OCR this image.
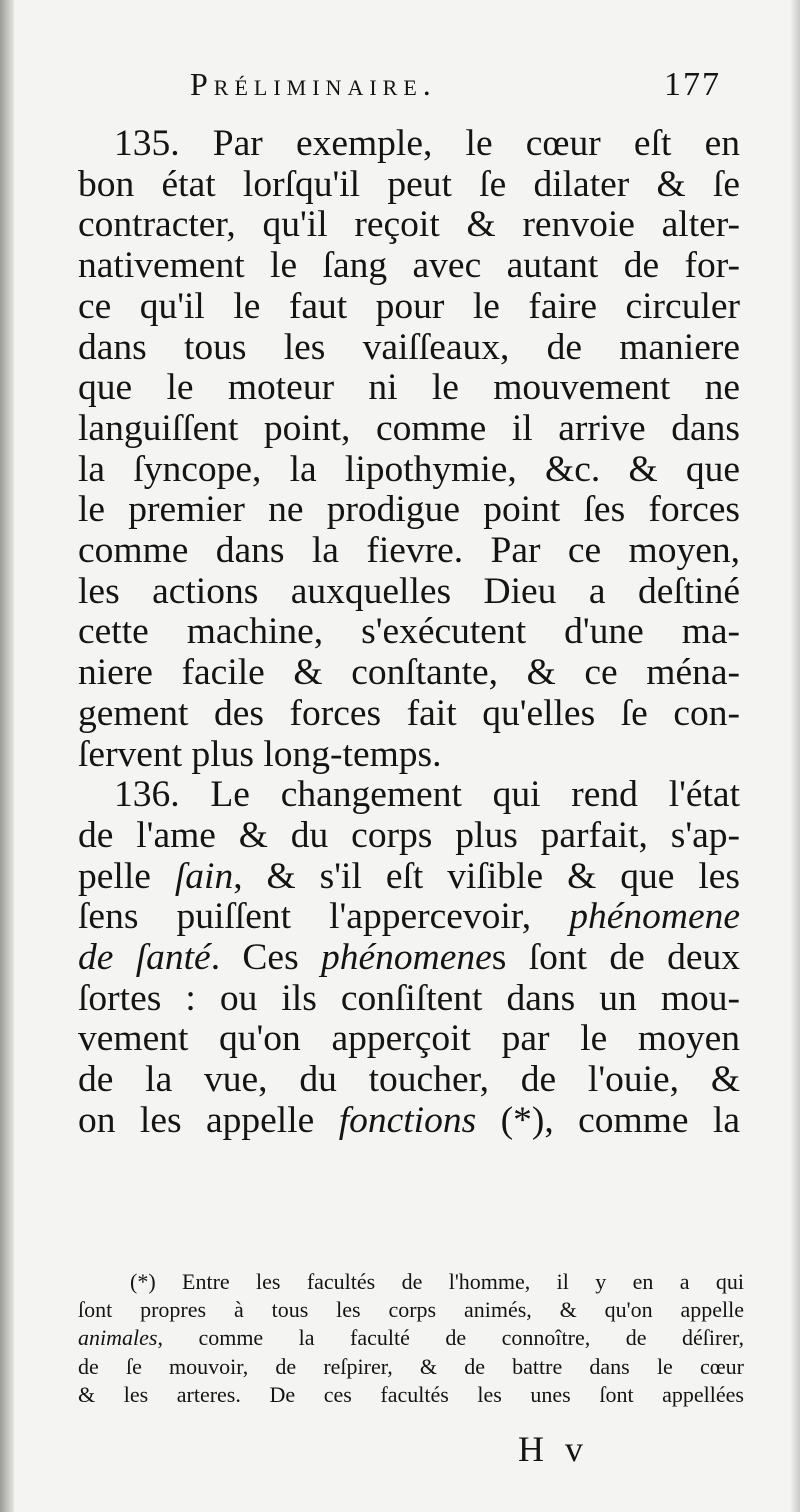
Préliminaire.	177
135. Par exemple, le cœur eſt en
bon état lorſqu'il peut ſe dilater & ſe
contracter, qu'il reçoit & renvoie alter-
nativement le ſang avec autant de for-
ce qu'il le faut pour le faire circuler
dans tous les vaiſſeaux, de maniere
que le moteur ni le mouvement ne
languiſſent point, comme il arrive dans
la ſyncope, la lipothymie, &c. & que
le premier ne prodigue point ſes forces
comme dans la fievre. Par ce moyen,
les actions auxquelles Dieu a deſtiné
cette machine, s'exécutent d'une ma-
niere facile & conſtante, & ce ména-
gement des forces fait qu'elles ſe con-
ſervent plus long-temps.
136. Le changement qui rend l'état
de l'ame & du corps plus parfait, s'ap-
pelle ſain, & s'il eſt viſible & que les
ſens puiſſent l'appercevoir, phénomene
de ſanté. Ces phénomenes ſont de deux
ſortes : ou ils conſiſtent dans un mou-
vement qu'on apperçoit par le moyen
de la vue, du toucher, de l'ouie, &
on les appelle fonctions (*), comme la
(*) Entre les facultés de l'homme, il y en a qui
ſont propres à tous les corps animés, & qu'on appelle
animales, comme la faculté de connoître, de déſirer,
de ſe mouvoir, de reſpirer, & de battre dans le cœur
& les arteres. De ces facultés les unes ſont appellées
H v
